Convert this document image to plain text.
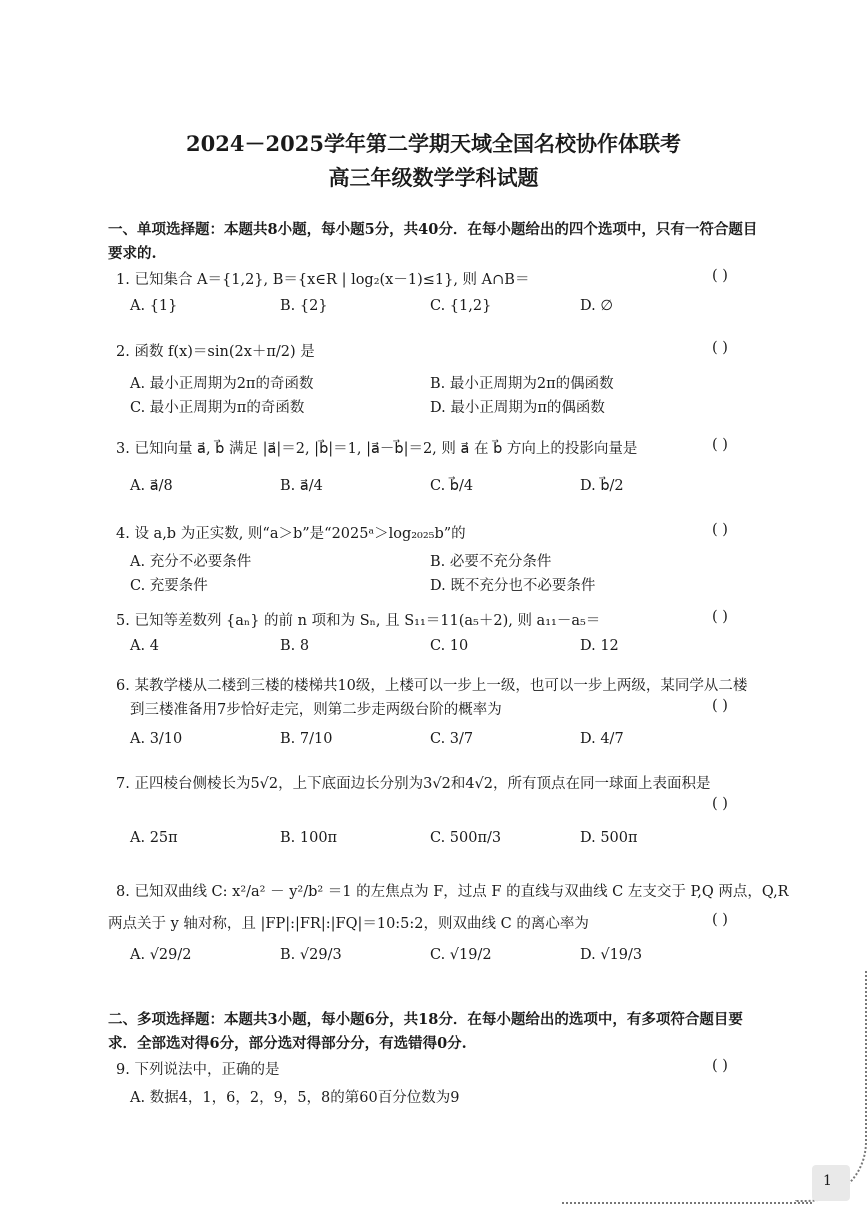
2024－2025学年第二学期天域全国名校协作体联考
高三年级数学学科试题
一、单项选择题：本题共8小题，每小题5分，共40分．在每小题给出的四个选项中，只有一符合题目
要求的.
1. 已知集合 A＝{1,2}, B＝{x∈R | log₂(x－1)≤1}, 则 A∩B＝	( )
A. {1}	B. {2}	C. {1,2}	D. ∅
2. 函数 f(x)＝sin(2x＋π/2) 是	( )
A. 最小正周期为2π的奇函数	B. 最小正周期为2π的偶函数
C. 最小正周期为π的奇函数	D. 最小正周期为π的偶函数
3. 已知向量 a⃗, b⃗ 满足 |a⃗|＝2, |b⃗|＝1, |a⃗－b⃗|＝2, 则 a⃗ 在 b⃗ 方向上的投影向量是	( )
A. a⃗/8	B. a⃗/4	C. b⃗/4	D. b⃗/2
4. 设 a,b 为正实数, 则“a＞b”是“2025ᵃ＞log₂₀₂₅b”的	( )
A. 充分不必要条件	B. 必要不充分条件
C. 充要条件	D. 既不充分也不必要条件
5. 已知等差数列 {aₙ} 的前 n 项和为 Sₙ, 且 S₁₁＝11(a₅＋2), 则 a₁₁－a₅＝	( )
A. 4	B. 8	C. 10	D. 12
6. 某教学楼从二楼到三楼的楼梯共10级，上楼可以一步上一级，也可以一步上两级，某同学从二楼
到三楼准备用7步恰好走完，则第二步走两级台阶的概率为	( )
A. 3/10	B. 7/10	C. 3/7	D. 4/7
7. 正四棱台侧棱长为5√2，上下底面边长分别为3√2和4√2，所有顶点在同一球面上表面积是
( )
A. 25π	B. 100π	C. 500π/3	D. 500π
8. 已知双曲线 C: x²/a² － y²/b² ＝1 的左焦点为 F，过点 F 的直线与双曲线 C 左支交于 P,Q 两点，Q,R
两点关于 y 轴对称，且 |FP|:|FR|:|FQ|＝10:5:2，则双曲线 C 的离心率为	( )
A. √29/2	B. √29/3	C. √19/2	D. √19/3
二、多项选择题：本题共3小题，每小题6分，共18分．在每小题给出的选项中，有多项符合题目要
求．全部选对得6分，部分选对得部分分，有选错得0分.
9. 下列说法中，正确的是	( )
A. 数据4，1，6，2，9，5，8的第60百分位数为9
1
